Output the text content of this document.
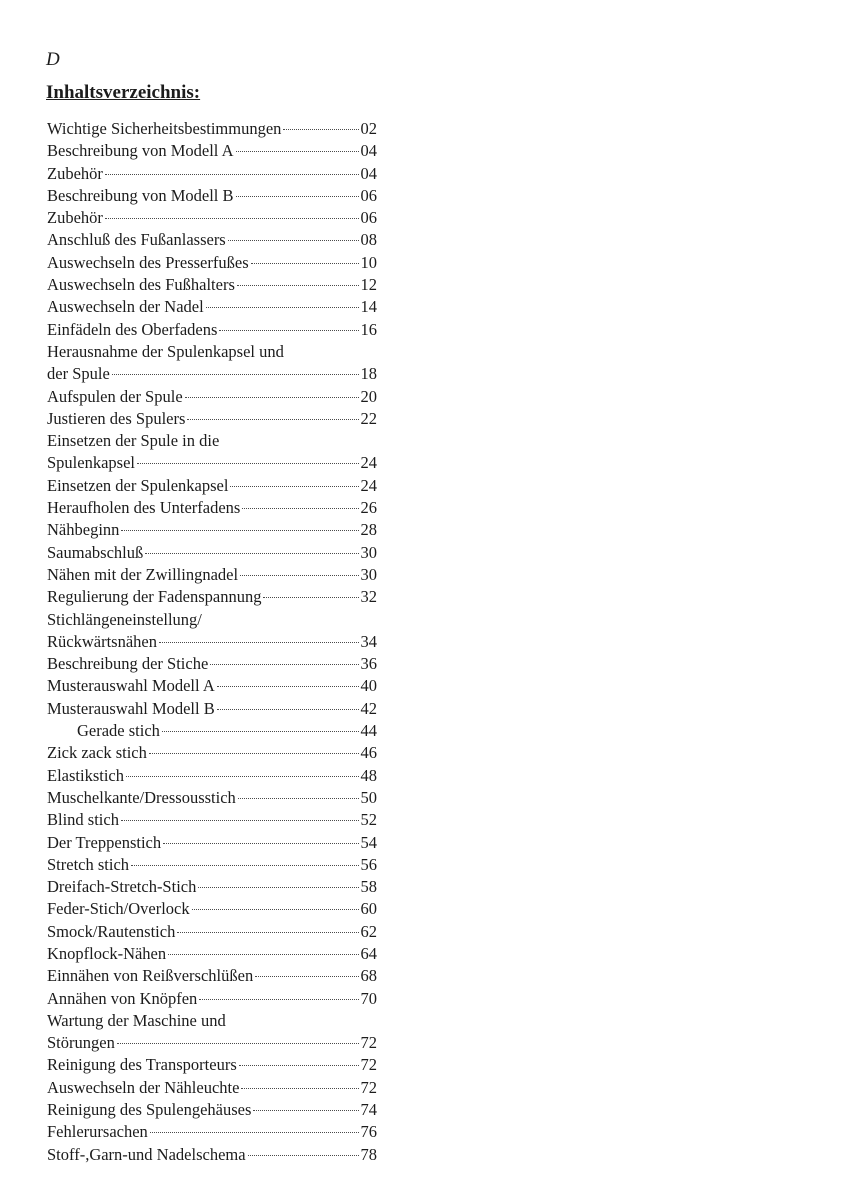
D

Inhaltsverzeichnis:
Wichtige Sicherheitsbestimmungen	02
Beschreibung von Modell A	04
Zubehör	04
Beschreibung von Modell B	06
Zubehör	06
Anschluß des Fußanlassers	08
Auswechseln des Presserfußes	10
Auswechseln des Fußhalters	12
Auswechseln der Nadel	14
Einfädeln des Oberfadens	16
Herausnahme der Spulenkapsel und
der Spule	18
Aufspulen der Spule	20
Justieren des Spulers	22
Einsetzen der Spule in die
Spulenkapsel	24
Einsetzen der Spulenkapsel	24
Heraufholen des Unterfadens	26
Nähbeginn	28
Saumabschluß	30
Nähen mit der Zwillingnadel	30
Regulierung der Fadenspannung	32
Stichlängeneinstellung/
Rückwärtsnähen	34
Beschreibung der Stiche	36
Musterauswahl Modell A	40
Musterauswahl Modell B	42
Gerade stich	44
Zick zack stich	46
Elastikstich	48
Muschelkante/Dressousstich	50
Blind stich	52
Der Treppenstich	54
Stretch stich	56
Dreifach-Stretch-Stich	58
Feder-Stich/Overlock	60
Smock/Rautenstich	62
Knopflock-Nähen	64
Einnähen von Reißverschlüßen	68
Annähen von Knöpfen	70
Wartung der Maschine und
Störungen	72
Reinigung des Transporteurs	72
Auswechseln der Nähleuchte	72
Reinigung des Spulengehäuses	74
Fehlerursachen	76
Stoff-,Garn-und Nadelschema	78
